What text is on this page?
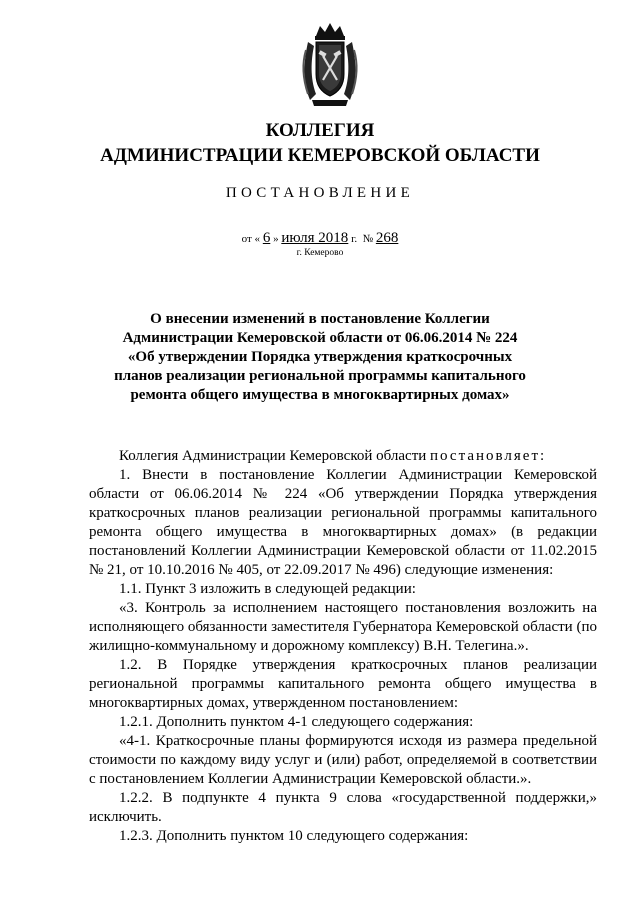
КОЛЛЕГИЯ
АДМИНИСТРАЦИИ КЕМЕРОВСКОЙ ОБЛАСТИ
ПОСТАНОВЛЕНИЕ
от « 6 » июля 2018 г. № 268
г. Кемерово
О внесении изменений в постановление Коллегии Администрации Кемеровской области от 06.06.2014 № 224 «Об утверждении Порядка утверждения краткосрочных планов реализации региональной программы капитального ремонта общего имущества в многоквартирных домах»

Коллегия Администрации Кемеровской области постановляет:

1. Внести в постановление Коллегии Администрации Кемеровской области от 06.06.2014 № 224 «Об утверждении Порядка утверждения краткосрочных планов реализации региональной программы капитального ремонта общего имущества в многоквартирных домах» (в редакции постановлений Коллегии Администрации Кемеровской области от 11.02.2015 № 21, от 10.10.2016 № 405, от 22.09.2017 № 496) следующие изменения:

1.1. Пункт 3 изложить в следующей редакции:

«3. Контроль за исполнением настоящего постановления возложить на исполняющего обязанности заместителя Губернатора Кемеровской области (по жилищно-коммунальному и дорожному комплексу) В.Н. Телегина.».

1.2. В Порядке утверждения краткосрочных планов реализации региональной программы капитального ремонта общего имущества в многоквартирных домах, утвержденном постановлением:

1.2.1. Дополнить пунктом 4-1 следующего содержания:

«4-1. Краткосрочные планы формируются исходя из размера предельной стоимости по каждому виду услуг и (или) работ, определяемой в соответствии с постановлением Коллегии Администрации Кемеровской области.».

1.2.2. В подпункте 4 пункта 9 слова «государственной поддержки,» исключить.

1.2.3. Дополнить пунктом 10 следующего содержания:
